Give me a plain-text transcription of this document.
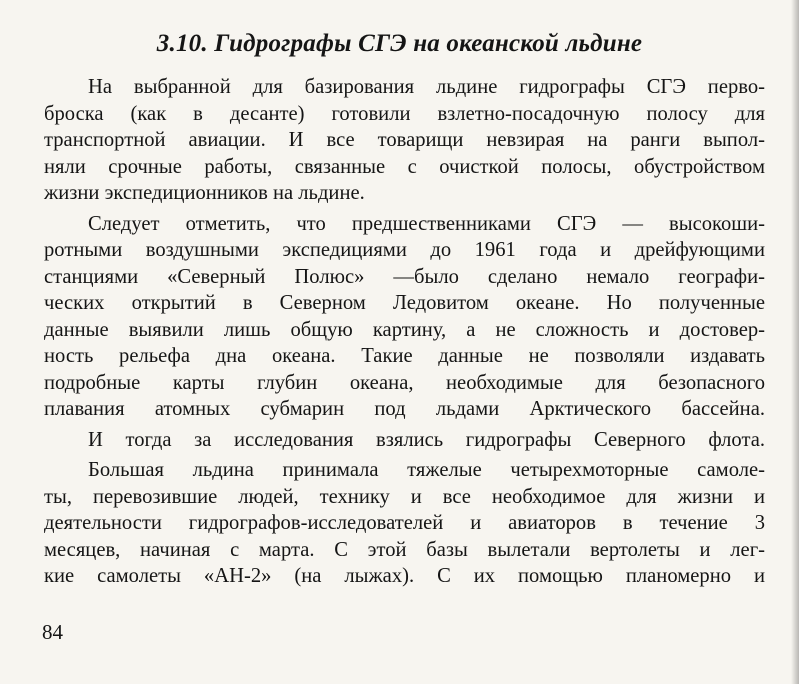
3.10. Гидрографы СГЭ на океанской льдине
На выбранной для базирования льдине гидрографы СГЭ перво-
броска (как в десанте) готовили взлетно-посадочную полосу для
транспортной авиации. И все товарищи невзирая на ранги выпол-
няли срочные работы, связанные с очисткой полосы, обустройством
жизни экспедиционников на льдине.
Следует отметить, что предшественниками СГЭ — высокоши-
ротными воздушными экспедициями до 1961 года и дрейфующими
станциями «Северный Полюс» —было сделано немало географи-
ческих открытий в Северном Ледовитом океане. Но полученные
данные выявили лишь общую картину, а не сложность и достовер-
ность рельефа дна океана. Такие данные не позволяли издавать
подробные карты глубин океана, необходимые для безопасного
плавания атомных субмарин под льдами Арктического бассейна.
И тогда за исследования взялись гидрографы Северного флота.
Большая льдина принимала тяжелые четырехмоторные самоле-
ты, перевозившие людей, технику и все необходимое для жизни и
деятельности гидрографов-исследователей и авиаторов в течение 3
месяцев, начиная с марта. С этой базы вылетали вертолеты и лег-
кие самолеты «АН-2» (на лыжах). С их помощью планомерно и
84
